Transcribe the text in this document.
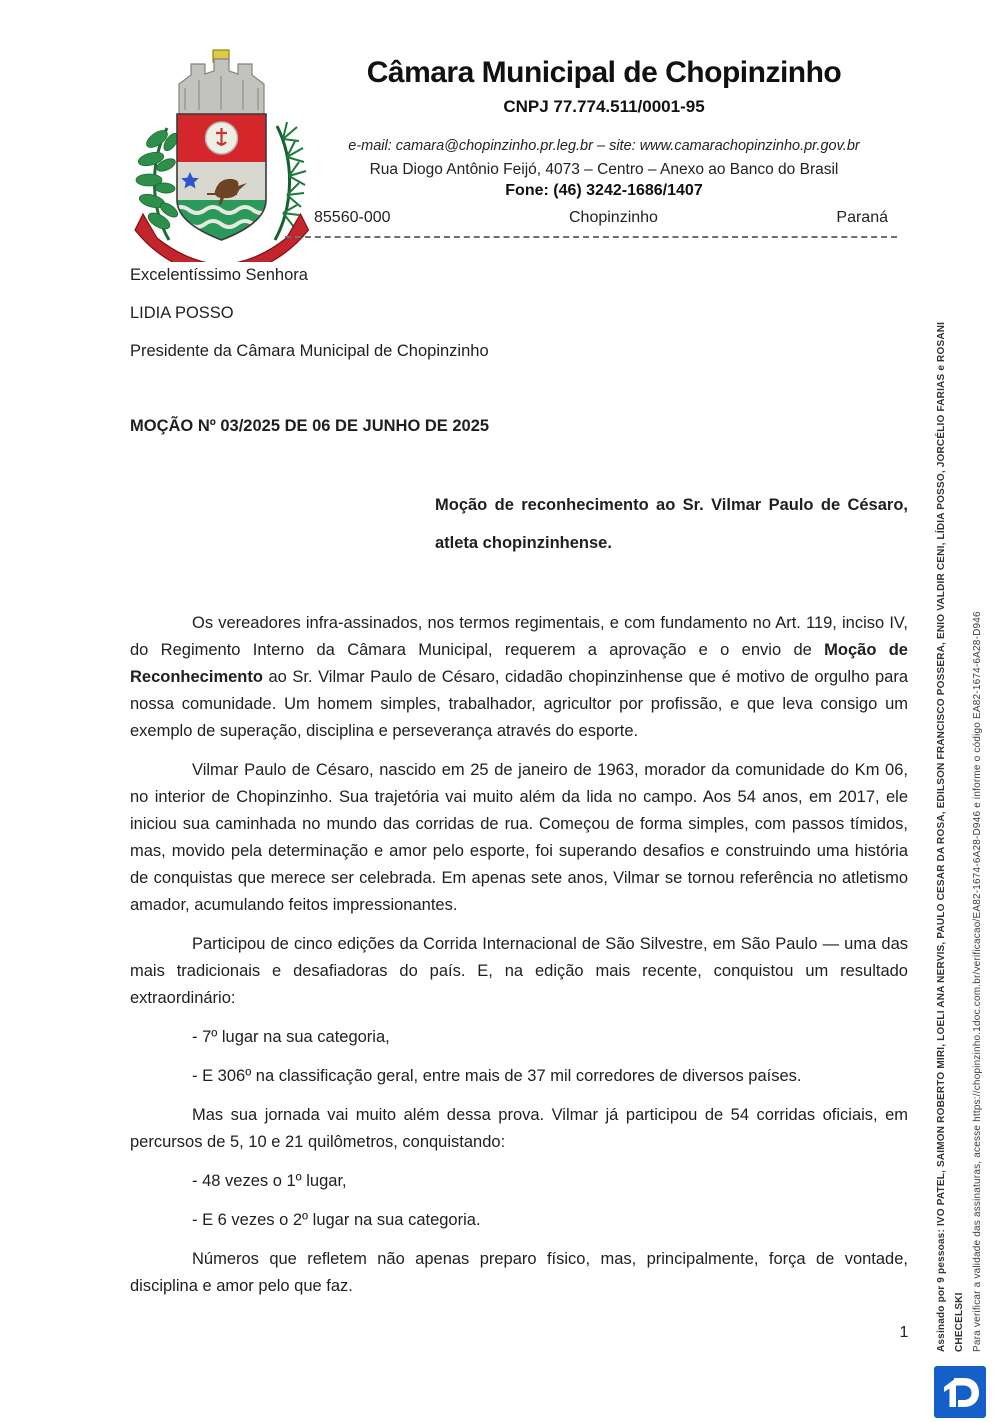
CHOPINZINHO
Câmara Municipal de Chopinzinho
CNPJ 77.774.511/0001-95
e-mail: camara@chopinzinho.pr.leg.br – site: www.camarachopinzinho.pr.gov.br
Rua Diogo Antônio Feijó, 4073 – Centro – Anexo ao Banco do Brasil
Fone: (46) 3242-1686/1407
85560-000	Chopinzinho	Paraná

Excelentíssimo Senhora

LIDIA POSSO

Presidente da Câmara Municipal de Chopinzinho

MOÇÃO Nº 03/2025 DE 06 DE JUNHO DE 2025

Moção de reconhecimento ao Sr. Vilmar Paulo de Césaro, atleta chopinzinhense.

Os vereadores infra-assinados, nos termos regimentais, e com fundamento no Art. 119, inciso IV, do Regimento Interno da Câmara Municipal, requerem a aprovação e o envio de Moção de Reconhecimento ao Sr. Vilmar Paulo de Césaro, cidadão chopinzinhense que é motivo de orgulho para nossa comunidade. Um homem simples, trabalhador, agricultor por profissão, e que leva consigo um exemplo de superação, disciplina e perseverança através do esporte.

Vilmar Paulo de Césaro, nascido em 25 de janeiro de 1963, morador da comunidade do Km 06, no interior de Chopinzinho. Sua trajetória vai muito além da lida no campo. Aos 54 anos, em 2017, ele iniciou sua caminhada no mundo das corridas de rua. Começou de forma simples, com passos tímidos, mas, movido pela determinação e amor pelo esporte, foi superando desafios e construindo uma história de conquistas que merece ser celebrada. Em apenas sete anos, Vilmar se tornou referência no atletismo amador, acumulando feitos impressionantes.

Participou de cinco edições da Corrida Internacional de São Silvestre, em São Paulo — uma das mais tradicionais e desafiadoras do país. E, na edição mais recente, conquistou um resultado extraordinário:

- 7º lugar na sua categoria,

- E 306º na classificação geral, entre mais de 37 mil corredores de diversos países.

Mas sua jornada vai muito além dessa prova. Vilmar já participou de 54 corridas oficiais, em percursos de 5, 10 e 21 quilômetros, conquistando:

- 48 vezes o 1º lugar,

- E 6 vezes o 2º lugar na sua categoria.

Números que refletem não apenas preparo físico, mas, principalmente, força de vontade, disciplina e amor pelo que faz.

1	Assinado por 9 pessoas: IVO PATEL, SAIMON ROBERTO MIRI, LOELI ANA NERVIS, PAULO CESAR DA ROSA, EDILSON FRANCISCO POSSERA, ENIO VALDIR CENI, LÍDIA POSSO, JORCÉLIO FARIAS e ROSANI CHECELSKI Para verificar a validade das assinaturas, acesse https://chopinzinho.1doc.com.br/verificacao/EA82-1674-6A28-D946 e informe o código EA82-1674-6A28-D946
